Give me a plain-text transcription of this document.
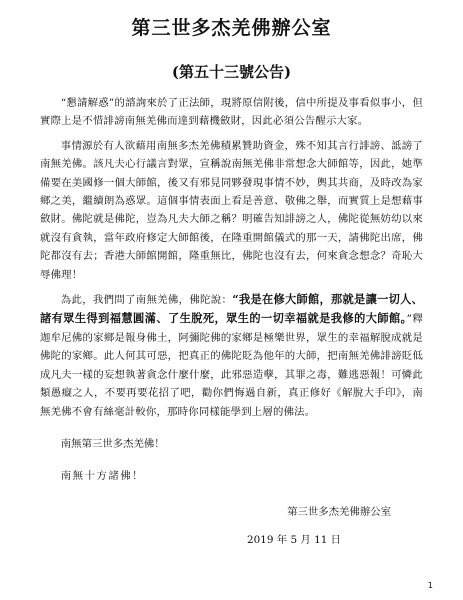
第三世多杰羌佛辦公室
(第五十三號公告)

“懇請解惑”的諮詢來於了正法師，現將原信附後，信中所提及事看似事小，但實際上是不惜誹謗南無羌佛而達到藉機斂財，因此必須公告醒示大家。

事情源於有人欲藉用南無多杰羌佛積累贊助資金，殊不知其言行誹謗、詆謗了南無羌佛。該凡夫心行議言對眾，宣稱說南無羌佛非常想念大師館等，因此，她準備要在美國修一個大師館，後又有邪見同夥發現事情不妙，輿其共商，及時改為家鄉之美，繼續朗為惑眾。這個事情表面上看是善意、敬佛之舉，而實質上是想藉事斂財。佛陀就是佛陀，豈為凡夫大師之稱？明確告知誹謗之人，佛陀從無妨幼以來就沒有貪執，當年政府修定大師館後，在隆重開館儀式的那一天，請佛陀出席，佛陀都沒有去；香港大師館開館，隆重無比，佛陀也沒有去，何來貪念想念？奇恥大辱佛理！

為此，我們問了南無羌佛，佛陀說：“我是在修大師館，那就是讓一切人、諸有眾生得到福慧圓滿、了生脫死，眾生的一切幸福就是我修的大師館。”釋迦牟尼佛的家鄉是報身佛土，阿彌陀佛的家鄉是極樂世界，眾生的幸福解脫成就是佛陀的家鄉。此人何其可惡，把真正的佛陀貶為他年的大師，把南無羌佛誹謗貶低成凡夫一樣的妄想執著貪念什麼什麼，此邪惡造孽，其罪之毒，難逃惡報！可憐此類愚癡之人，不要再要花招了吧，勸你們悔過自新，真正修好《解脫大手印》，南無羌佛不會有絲毫計較你，那時你同樣能學到上層的佛法。

南無第三世多杰羌佛！

南無十方諸佛！

第三世多杰羌佛辦公室

2019 年 5 月 11 日

1
